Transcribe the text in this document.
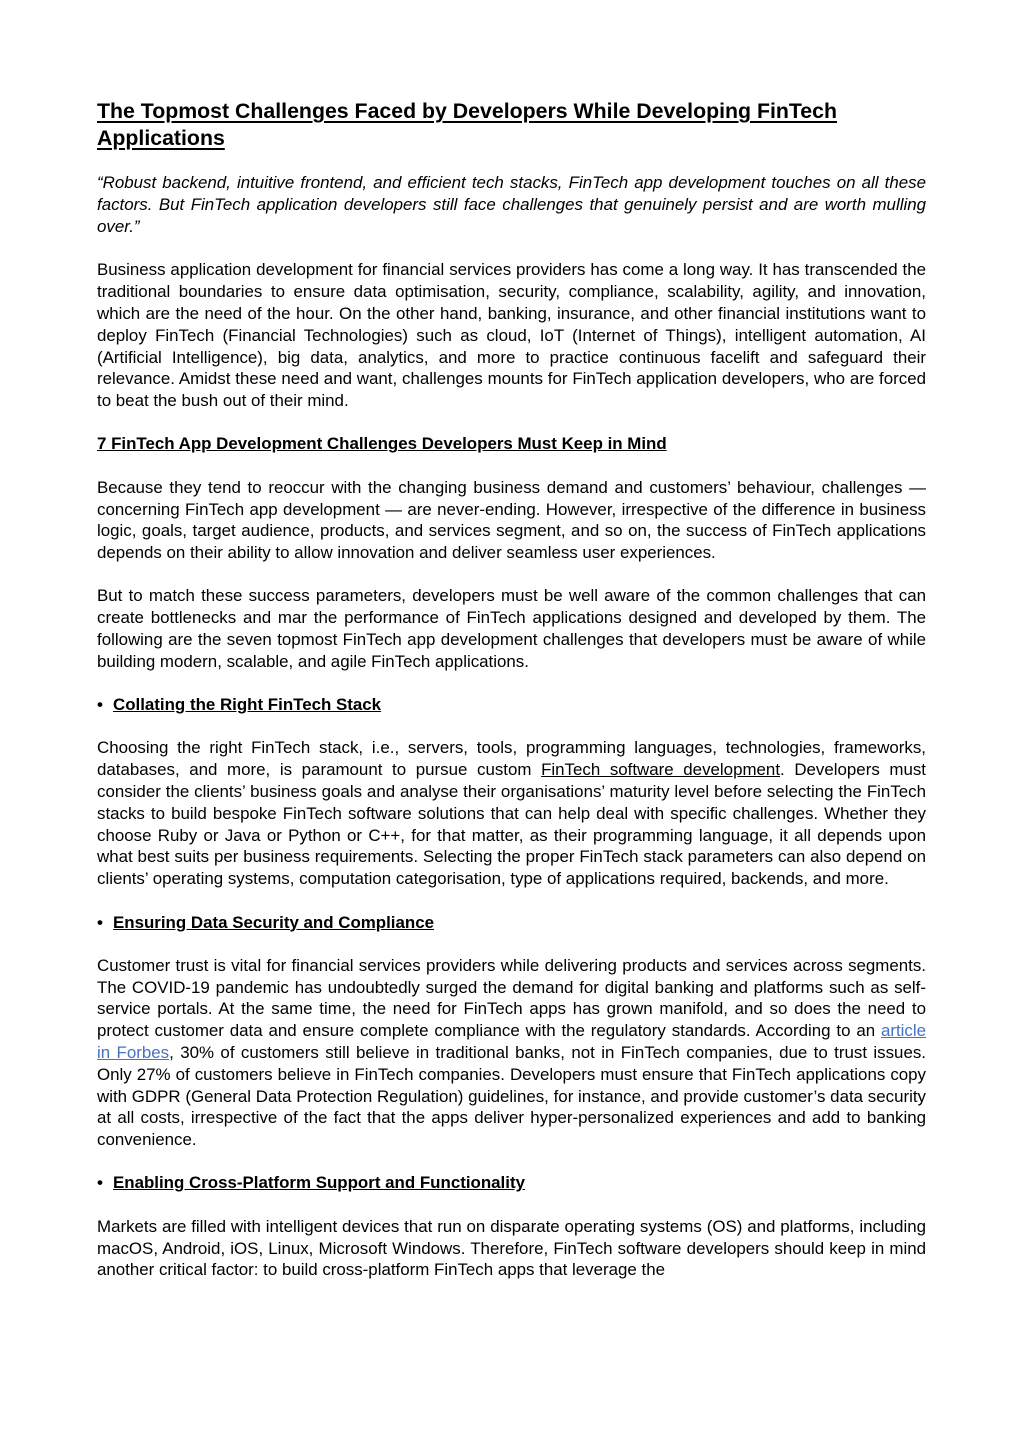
The Topmost Challenges Faced by Developers While Developing FinTech Applications

“Robust backend, intuitive frontend, and efficient tech stacks, FinTech app development touches on all these factors. But FinTech application developers still face challenges that genuinely persist and are worth mulling over.”

Business application development for financial services providers has come a long way. It has transcended the traditional boundaries to ensure data optimisation, security, compliance, scalability, agility, and innovation, which are the need of the hour. On the other hand, banking, insurance, and other financial institutions want to deploy FinTech (Financial Technologies) such as cloud, IoT (Internet of Things), intelligent automation, AI (Artificial Intelligence), big data, analytics, and more to practice continuous facelift and safeguard their relevance. Amidst these need and want, challenges mounts for FinTech application developers, who are forced to beat the bush out of their mind.

7 FinTech App Development Challenges Developers Must Keep in Mind

Because they tend to reoccur with the changing business demand and customers’ behaviour, challenges — concerning FinTech app development — are never-ending. However, irrespective of the difference in business logic, goals, target audience, products, and services segment, and so on, the success of FinTech applications depends on their ability to allow innovation and deliver seamless user experiences.

But to match these success parameters, developers must be well aware of the common challenges that can create bottlenecks and mar the performance of FinTech applications designed and developed by them. The following are the seven topmost FinTech app development challenges that developers must be aware of while building modern, scalable, and agile FinTech applications.

• Collating the Right FinTech Stack

Choosing the right FinTech stack, i.e., servers, tools, programming languages, technologies, frameworks, databases, and more, is paramount to pursue custom FinTech software development. Developers must consider the clients’ business goals and analyse their organisations’ maturity level before selecting the FinTech stacks to build bespoke FinTech software solutions that can help deal with specific challenges. Whether they choose Ruby or Java or Python or C++, for that matter, as their programming language, it all depends upon what best suits per business requirements. Selecting the proper FinTech stack parameters can also depend on clients’ operating systems, computation categorisation, type of applications required, backends, and more.

• Ensuring Data Security and Compliance

Customer trust is vital for financial services providers while delivering products and services across segments. The COVID-19 pandemic has undoubtedly surged the demand for digital banking and platforms such as self-service portals. At the same time, the need for FinTech apps has grown manifold, and so does the need to protect customer data and ensure complete compliance with the regulatory standards. According to an article in Forbes, 30% of customers still believe in traditional banks, not in FinTech companies, due to trust issues. Only 27% of customers believe in FinTech companies. Developers must ensure that FinTech applications copy with GDPR (General Data Protection Regulation) guidelines, for instance, and provide customer’s data security at all costs, irrespective of the fact that the apps deliver hyper-personalized experiences and add to banking convenience.

• Enabling Cross-Platform Support and Functionality

Markets are filled with intelligent devices that run on disparate operating systems (OS) and platforms, including macOS, Android, iOS, Linux, Microsoft Windows. Therefore, FinTech software developers should keep in mind another critical factor: to build cross-platform FinTech apps that leverage the
